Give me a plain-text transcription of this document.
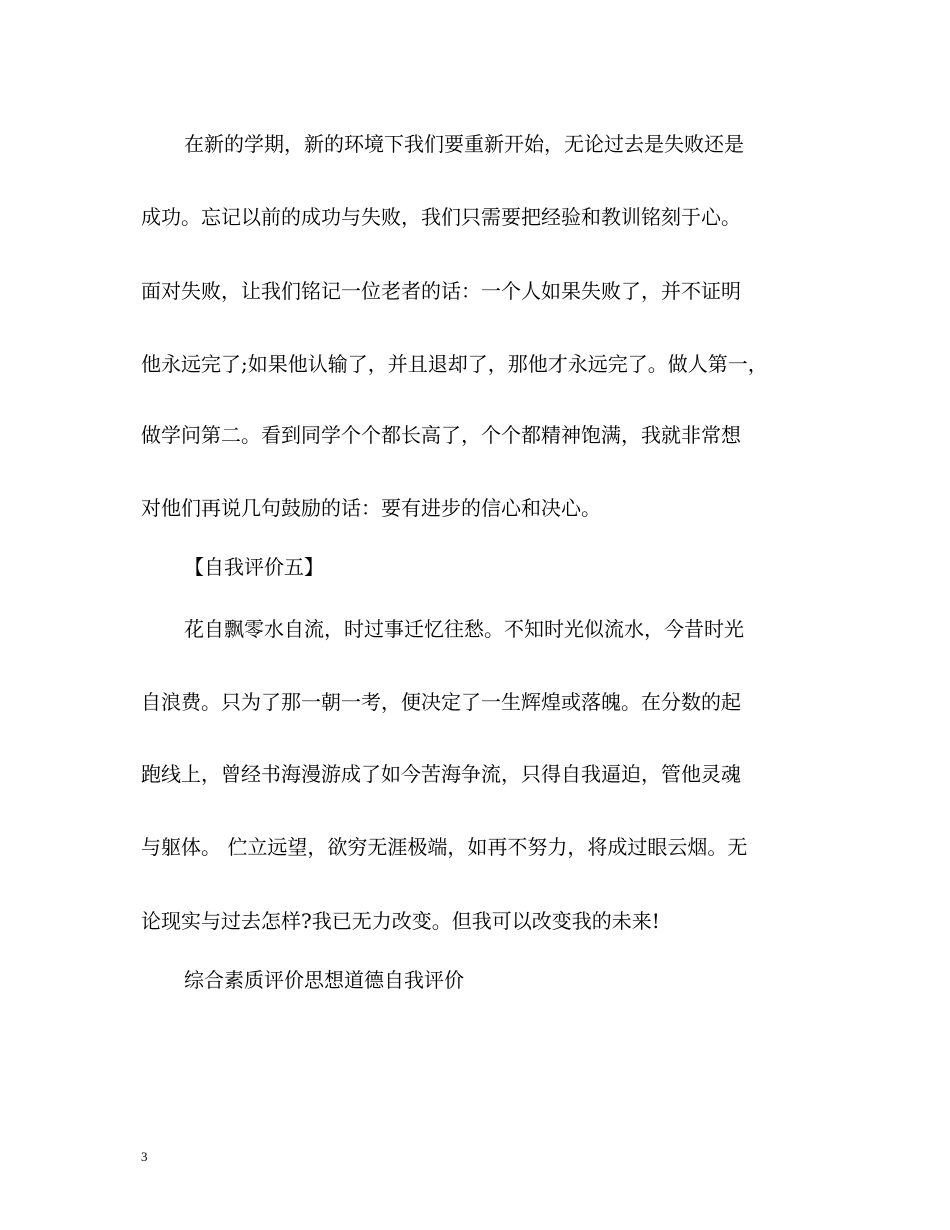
在新的学期，新的环境下我们要重新开始，无论过去是失败还是
成功。忘记以前的成功与失败，我们只需要把经验和教训铭刻于心。
面对失败，让我们铭记一位老者的话：一个人如果失败了，并不证明
他永远完了;如果他认输了，并且退却了，那他才永远完了。做人第一，
做学问第二。看到同学个个都长高了，个个都精神饱满，我就非常想
对他们再说几句鼓励的话：要有进步的信心和决心。
【自我评价五】
花自飘零水自流，时过事迁忆往愁。不知时光似流水，今昔时光
自浪费。只为了那一朝一考，便决定了一生辉煌或落魄。在分数的起
跑线上，曾经书海漫游成了如今苦海争流，只得自我逼迫，管他灵魂
与躯体。 伫立远望，欲穷无涯极端，如再不努力，将成过眼云烟。无
论现实与过去怎样?我已无力改变。但我可以改变我的未来!
综合素质评价思想道德自我评价
3
